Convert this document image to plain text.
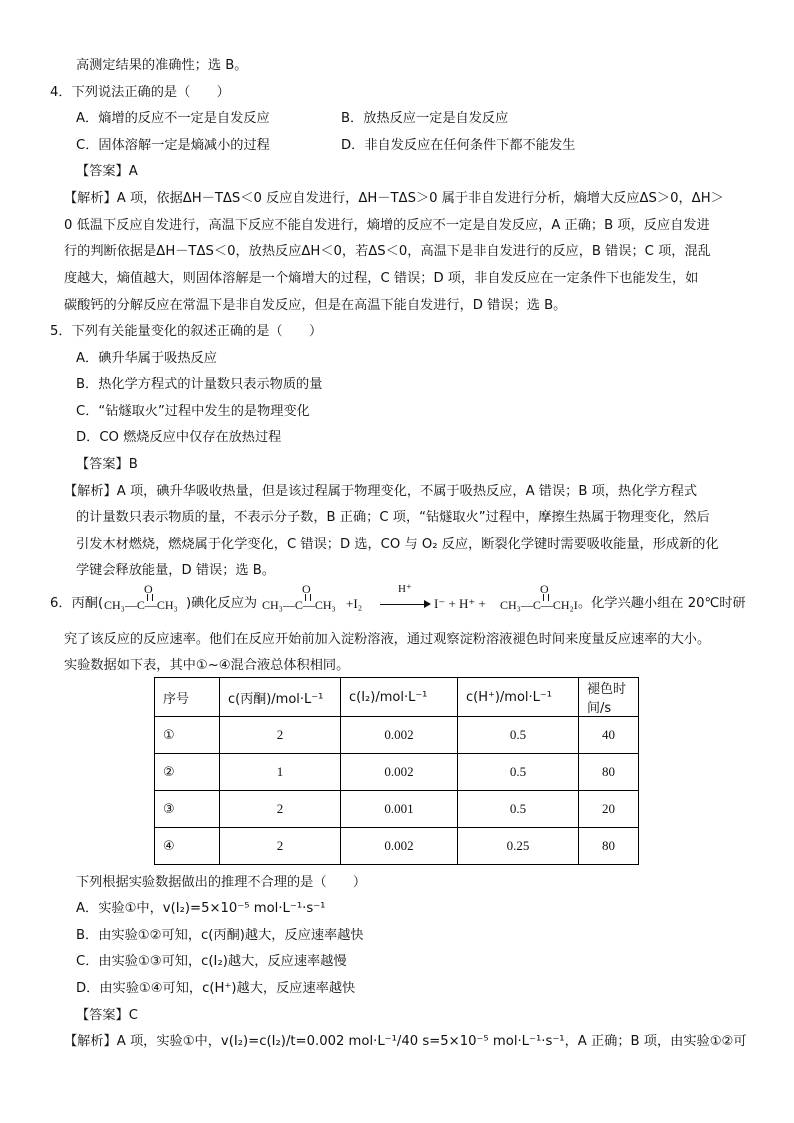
高测定结果的准确性；选 B。
4．下列说法正确的是（　　）
A．熵增的反应不一定是自发反应	B．放热反应一定是自发反应
C．固体溶解一定是熵减小的过程	D．非自发反应在任何条件下都不能发生
【答案】A
【解析】A 项，依据ΔH－TΔS＜0 反应自发进行，ΔH－TΔS＞0 属于非自发进行分析，熵增大反应ΔS＞0，ΔH＞
0 低温下反应自发进行，高温下反应不能自发进行，熵增的反应不一定是自发反应，A 正确；B 项，反应自发进
行的判断依据是ΔH－TΔS＜0，放热反应ΔH＜0，若ΔS＜0，高温下是非自发进行的反应，B 错误；C 项，混乱
度越大，熵值越大，则固体溶解是一个熵增大的过程，C 错误；D 项，非自发反应在一定条件下也能发生，如
碳酸钙的分解反应在常温下是非自发反应，但是在高温下能自发进行，D 错误；选 B。
5．下列有关能量变化的叙述正确的是（　　）
A．碘升华属于吸热反应
B．热化学方程式的计量数只表示物质的量
C．“钻燧取火”过程中发生的是物理变化
D．CO 燃烧反应中仅存在放热过程
【答案】B
【解析】A 项，碘升华吸收热量，但是该过程属于物理变化，不属于吸热反应，A 错误；B 项，热化学方程式
的计量数只表示物质的量，不表示分子数，B 正确；C 项，“钻燧取火”过程中，摩擦生热属于物理变化，然后
引发木材燃烧，燃烧属于化学变化，C 错误；D 选，CO 与 O₂ 反应，断裂化学键时需要吸收能量，形成新的化
学键会释放能量，D 错误；选 B。
6．丙酮(
O
CH₃—C—CH₃ )碘化反应为
O
CH₃—C—CH₃ +I₂
H⁺
I⁻ + H⁺ +
O
CH₃—C—CH₂I 。化学兴趣小组在 20℃时研
究了该反应的反应速率。他们在反应开始前加入淀粉溶液，通过观察淀粉溶液褪色时间来度量反应速率的大小。
实验数据如下表，其中①~④混合液总体积相同。
序号	c(丙酮)/mol·L⁻¹	c(I₂)/mol·L⁻¹	c(H⁺)/mol·L⁻¹	褪色时间/s
①	2	0.002	0.5	40
②	1	0.002	0.5	80
③	2	0.001	0.5	20
④	2	0.002	0.25	80
下列根据实验数据做出的推理不合理的是（　　）
A．实验①中，v(I₂)=5×10⁻⁵ mol·L⁻¹·s⁻¹
B．由实验①②可知，c(丙酮)越大，反应速率越快
C．由实验①③可知，c(I₂)越大，反应速率越慢
D．由实验①④可知，c(H⁺)越大，反应速率越快
【答案】C
【解析】A 项，实验①中，v(I₂)=c(I₂)/t=0.002 mol·L⁻¹/40 s=5×10⁻⁵ mol·L⁻¹·s⁻¹，A 正确；B 项，由实验①②可
